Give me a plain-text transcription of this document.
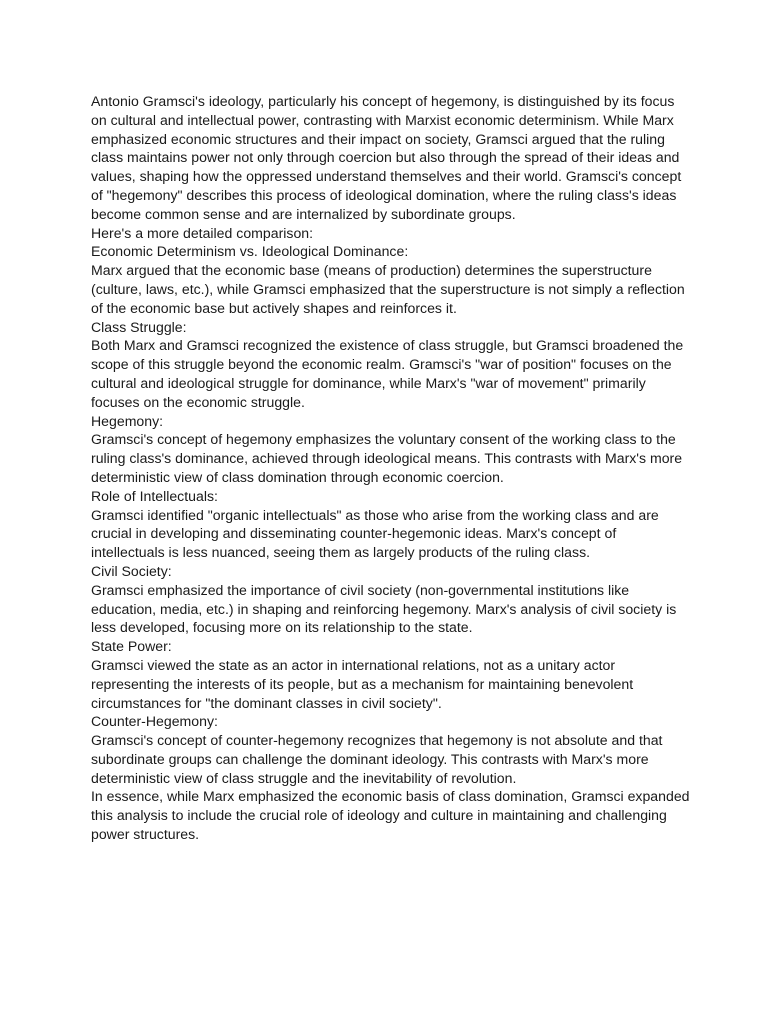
Antonio Gramsci's ideology, particularly his concept of hegemony, is distinguished by its focus on cultural and intellectual power, contrasting with Marxist economic determinism. While Marx emphasized economic structures and their impact on society, Gramsci argued that the ruling class maintains power not only through coercion but also through the spread of their ideas and values, shaping how the oppressed understand themselves and their world. Gramsci's concept of "hegemony" describes this process of ideological domination, where the ruling class's ideas become common sense and are internalized by subordinate groups.

Here's a more detailed comparison:

Economic Determinism vs. Ideological Dominance:

Marx argued that the economic base (means of production) determines the superstructure (culture, laws, etc.), while Gramsci emphasized that the superstructure is not simply a reflection of the economic base but actively shapes and reinforces it.

Class Struggle:

Both Marx and Gramsci recognized the existence of class struggle, but Gramsci broadened the scope of this struggle beyond the economic realm. Gramsci's "war of position" focuses on the cultural and ideological struggle for dominance, while Marx's "war of movement" primarily focuses on the economic struggle.

Hegemony:

Gramsci's concept of hegemony emphasizes the voluntary consent of the working class to the ruling class's dominance, achieved through ideological means. This contrasts with Marx's more deterministic view of class domination through economic coercion.

Role of Intellectuals:

Gramsci identified "organic intellectuals" as those who arise from the working class and are crucial in developing and disseminating counter-hegemonic ideas. Marx's concept of intellectuals is less nuanced, seeing them as largely products of the ruling class.

Civil Society:

Gramsci emphasized the importance of civil society (non-governmental institutions like education, media, etc.) in shaping and reinforcing hegemony. Marx's analysis of civil society is less developed, focusing more on its relationship to the state.

State Power:

Gramsci viewed the state as an actor in international relations, not as a unitary actor representing the interests of its people, but as a mechanism for maintaining benevolent circumstances for "the dominant classes in civil society".

Counter-Hegemony:

Gramsci's concept of counter-hegemony recognizes that hegemony is not absolute and that subordinate groups can challenge the dominant ideology. This contrasts with Marx's more deterministic view of class struggle and the inevitability of revolution.

In essence, while Marx emphasized the economic basis of class domination, Gramsci expanded this analysis to include the crucial role of ideology and culture in maintaining and challenging power structures.
